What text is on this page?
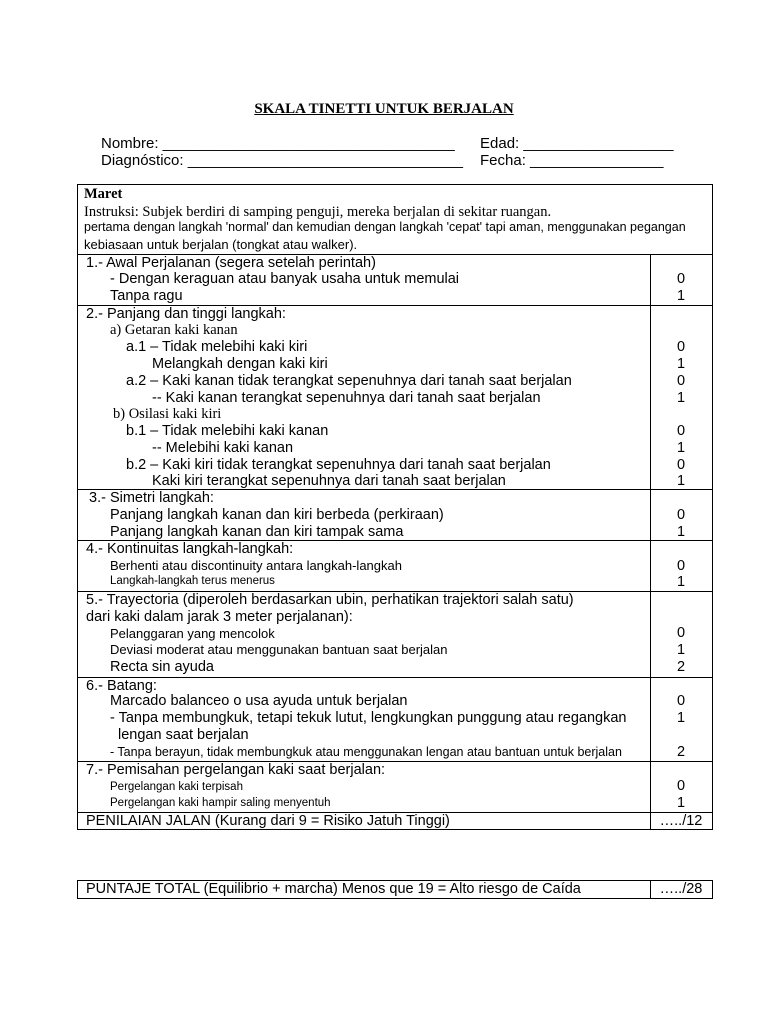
SKALA TINETTI UNTUK BERJALAN
Nombre: ___________________________________ Edad: __________________
Diagnóstico: _________________________________ Fecha: ________________
Maret
Instruksi: Subjek berdiri di samping penguji, mereka berjalan di sekitar ruangan.
pertama dengan langkah 'normal' dan kemudian dengan langkah 'cepat' tapi aman, menggunakan pegangan
kebiasaan untuk berjalan (tongkat atau walker).
1.- Awal Perjalanan (segera setelah perintah)
- Dengan keraguan atau banyak usaha untuk memulai
Tanpa ragu
0
1
2.- Panjang dan tinggi langkah:
a) Getaran kaki kanan
a.1 – Tidak melebihi kaki kiri
Melangkah dengan kaki kiri
a.2 – Kaki kanan tidak terangkat sepenuhnya dari tanah saat berjalan
-- Kaki kanan terangkat sepenuhnya dari tanah saat berjalan
b) Osilasi kaki kiri
b.1 – Tidak melebihi kaki kanan
-- Melebihi kaki kanan
b.2 – Kaki kiri tidak terangkat sepenuhnya dari tanah saat berjalan
Kaki kiri terangkat sepenuhnya dari tanah saat berjalan
0
1
0
1
0
1
0
1
3.- Simetri langkah:
Panjang langkah kanan dan kiri berbeda (perkiraan)
Panjang langkah kanan dan kiri tampak sama
0
1
4.- Kontinuitas langkah-langkah:
Berhenti atau discontinuity antara langkah-langkah
Langkah-langkah terus menerus
0
1
5.- Trayectoria (diperoleh berdasarkan ubin, perhatikan trajektori salah satu)
dari kaki dalam jarak 3 meter perjalanan):
Pelanggaran yang mencolok
Deviasi moderat atau menggunakan bantuan saat berjalan
Recta sin ayuda
0
1
2
6.- Batang:
Marcado balanceo o usa ayuda untuk berjalan
- Tanpa membungkuk, tetapi tekuk lutut, lengkungkan punggung atau regangkan
lengan saat berjalan
- Tanpa berayun, tidak membungkuk atau menggunakan lengan atau bantuan untuk berjalan
0
1
2
7.- Pemisahan pergelangan kaki saat berjalan:
Pergelangan kaki terpisah
Pergelangan kaki hampir saling menyentuh
0
1
PENILAIAN JALAN (Kurang dari 9 = Risiko Jatuh Tinggi)	…../12
PUNTAJE TOTAL (Equilibrio + marcha) Menos que 19 = Alto riesgo de Caída	…../28
